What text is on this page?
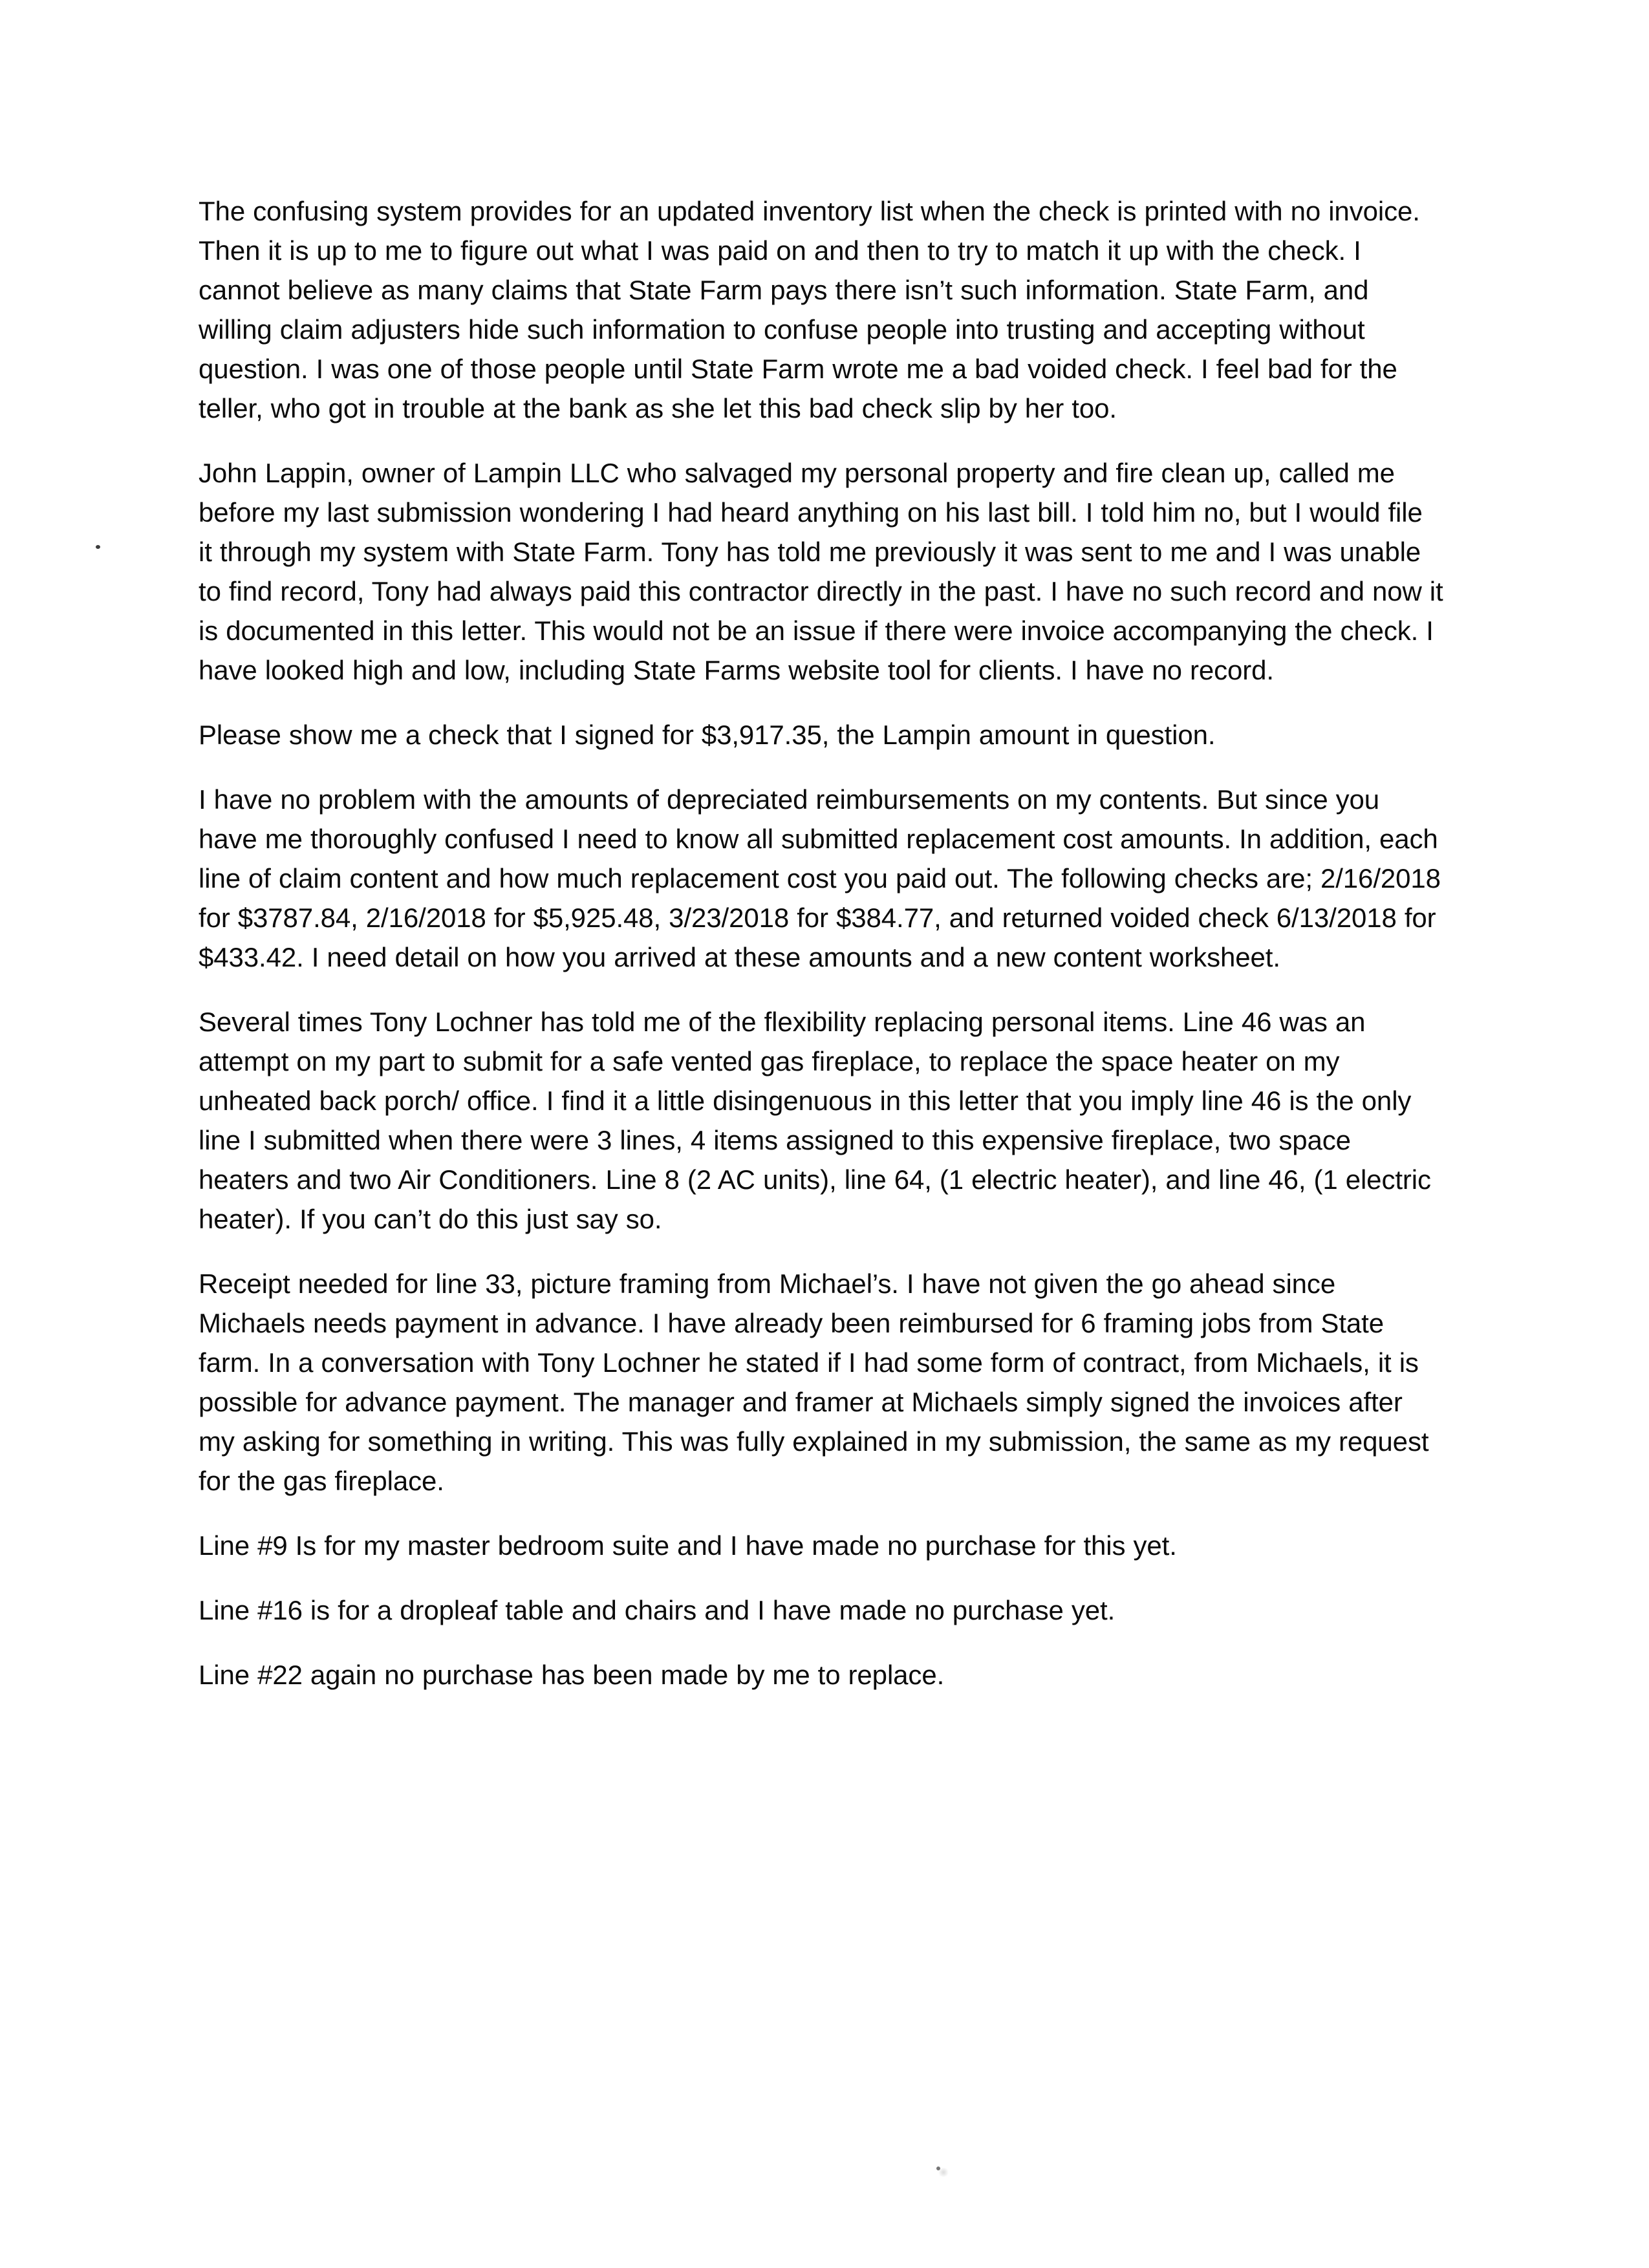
The confusing system provides for an updated inventory list when the check is printed with no invoice. Then it is up to me to figure out what I was paid on and then to try to match it up with the check. I cannot believe as many claims that State Farm pays there isn’t such information. State Farm, and willing claim adjusters hide such information to confuse people into trusting and accepting without question. I was one of those people until State Farm wrote me a bad voided check. I feel bad for the teller, who got in trouble at the bank as she let this bad check slip by her too.

John Lappin, owner of Lampin LLC who salvaged my personal property and fire clean up, called me before my last submission wondering I had heard anything on his last bill. I told him no, but I would file it through my system with State Farm. Tony has told me previously it was sent to me and I was unable to find record, Tony had always paid this contractor directly in the past. I have no such record and now it is documented in this letter. This would not be an issue if there were invoice accompanying the check. I have looked high and low, including State Farms website tool for clients. I have no record.

Please show me a check that I signed for $3,917.35, the Lampin amount in question.

I have no problem with the amounts of depreciated reimbursements on my contents. But since you have me thoroughly confused I need to know all submitted replacement cost amounts. In addition, each line of claim content and how much replacement cost you paid out. The following checks are; 2/16/2018 for $3787.84, 2/16/2018 for $5,925.48, 3/23/2018 for $384.77, and returned voided check 6/13/2018 for $433.42. I need detail on how you arrived at these amounts and a new content worksheet.

Several times Tony Lochner has told me of the flexibility replacing personal items. Line 46 was an attempt on my part to submit for a safe vented gas fireplace, to replace the space heater on my unheated back porch/ office. I find it a little disingenuous in this letter that you imply line 46 is the only line I submitted when there were 3 lines, 4 items assigned to this expensive fireplace, two space heaters and two Air Conditioners. Line 8 (2 AC units), line 64, (1 electric heater), and line 46, (1 electric heater). If you can’t do this just say so.

Receipt needed for line 33, picture framing from Michael’s. I have not given the go ahead since Michaels needs payment in advance. I have already been reimbursed for 6 framing jobs from State farm. In a conversation with Tony Lochner he stated if I had some form of contract, from Michaels, it is possible for advance payment. The manager and framer at Michaels simply signed the invoices after my asking for something in writing. This was fully explained in my submission, the same as my request for the gas fireplace.

Line #9 Is for my master bedroom suite and I have made no purchase for this yet.

Line #16 is for a dropleaf table and chairs and I have made no purchase yet.

Line #22 again no purchase has been made by me to replace.
